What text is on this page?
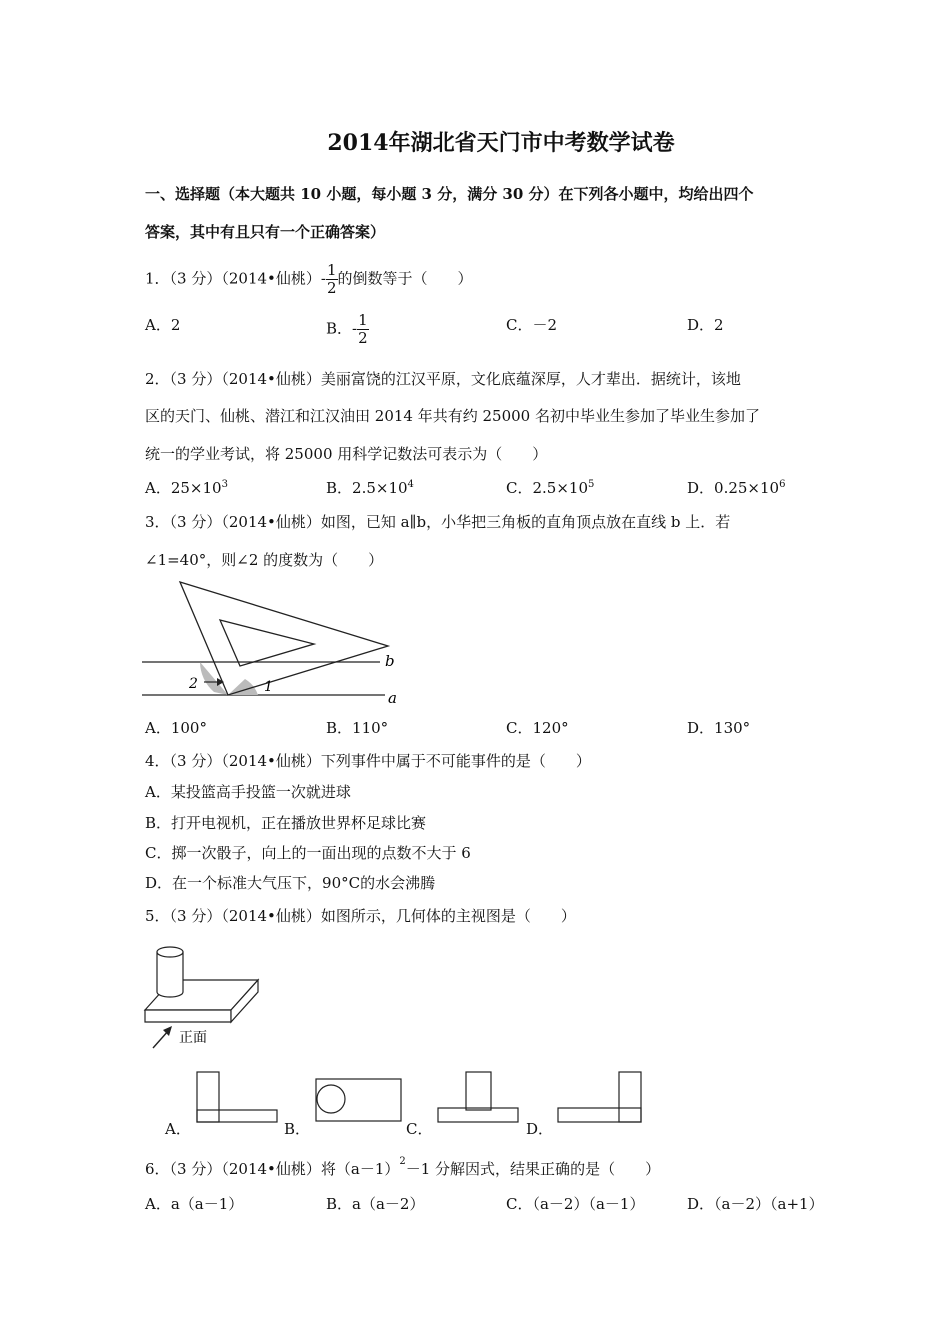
2014年湖北省天门市中考数学试卷
一、选择题（本大题共 10 小题，每小题 3 分，满分 30 分）在下列各小题中，均给出四个
答案，其中有且只有一个正确答案）
1．（3 分）（2014•仙桃）- $\frac{1}{2}$ 的倒数等于（　　）
A．2	B．- $\frac{1}{2}$	C．－2	D．2
2．（3 分）（2014•仙桃）美丽富饶的江汉平原，文化底蕴深厚，人才辈出．据统计，该地
区的天门、仙桃、潜江和江汉油田 2014 年共有约 25000 名初中毕业生参加了毕业生参加了
统一的学业考试，将 25000 用科学记数法可表示为（　　）
A．$25\times 10^3$	B．$2.5\times 10^4$	C．$2.5\times 10^5$	D．$0.25\times 10^6$
3．（3 分）（2014•仙桃）如图，已知 a∥b，小华把三角板的直角顶点放在直线 b 上．若
∠1=40°，则∠2 的度数为（　　）
b
a
1
2
A．100°	B．110°	C．120°	D．130°
4．（3 分）（2014•仙桃）下列事件中属于不可能事件的是（　　）
A．某投篮高手投篮一次就进球
B．打开电视机，正在播放世界杯足球比赛
C．掷一次骰子，向上的一面出现的点数不大于 6
D．在一个标准大气压下，90°C的水会沸腾
5．（3 分）（2014•仙桃）如图所示，几何体的主视图是（　　）
正面
A．	B．	C．	D．
6．（3 分）（2014•仙桃）将$(a-1)^2-1$ 分解因式，结果正确的是（　　）
A．a（a－1）	B．a（a－2）	C．（a－2）（a－1）	D．（a－2）（a+1）
